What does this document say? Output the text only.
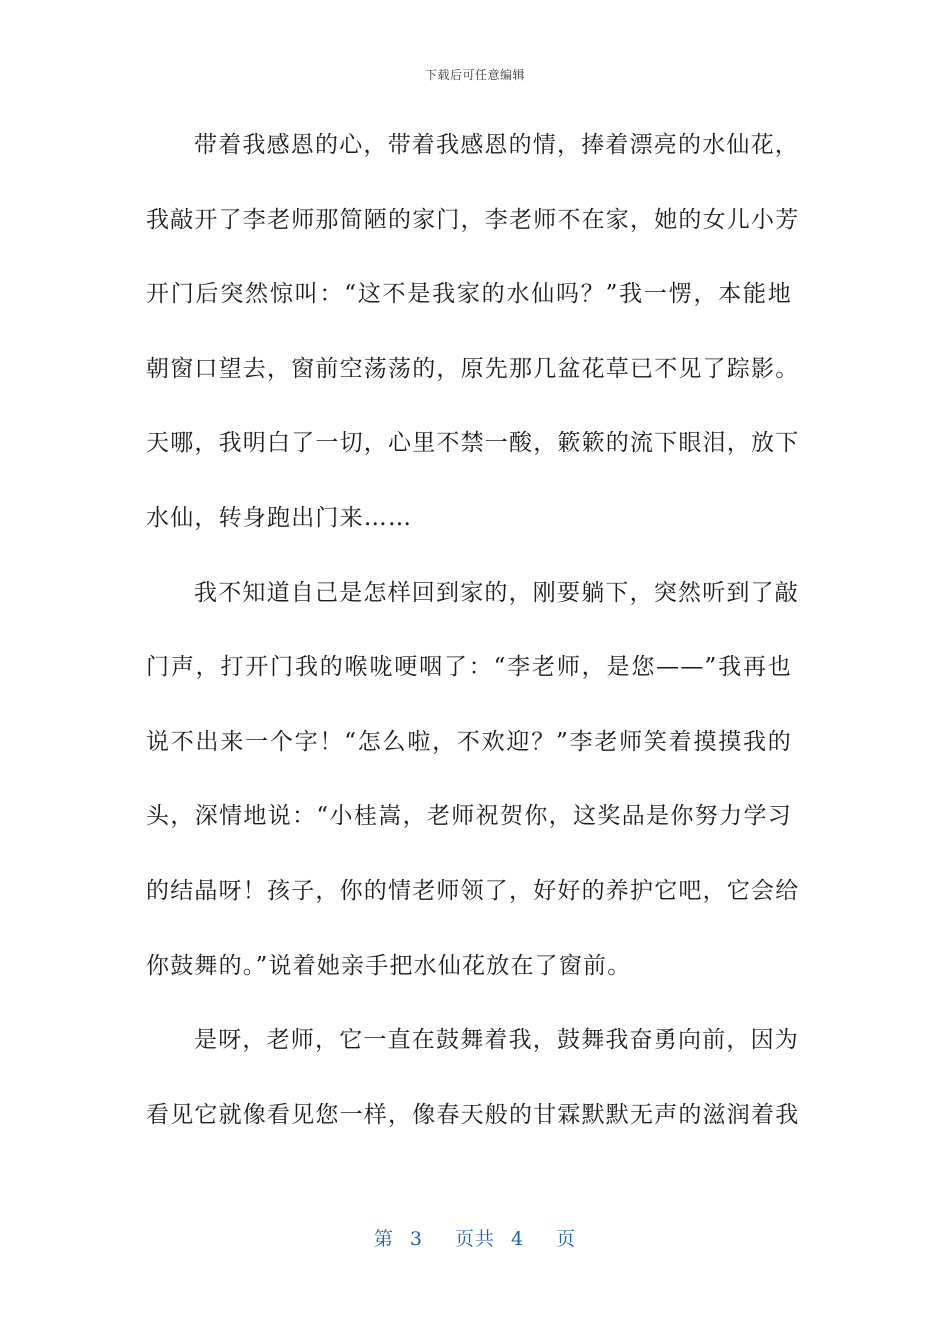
下载后可任意编辑
带着我感恩的心，带着我感恩的情，捧着漂亮的水仙花，
我敲开了李老师那简陋的家门，李老师不在家，她的女儿小芳
开门后突然惊叫：“这不是我家的水仙吗？”我一愣，本能地
朝窗口望去，窗前空荡荡的，原先那几盆花草已不见了踪影。
天哪，我明白了一切，心里不禁一酸，簌簌的流下眼泪，放下
水仙，转身跑出门来……
我不知道自己是怎样回到家的，刚要躺下，突然听到了敲
门声，打开门我的喉咙哽咽了：“李老师，是您——”我再也
说不出来一个字！“怎么啦，不欢迎？”李老师笑着摸摸我的
头，深情地说：“小桂嵩，老师祝贺你，这奖品是你努力学习
的结晶呀！孩子，你的情老师领了，好好的养护它吧，它会给
你鼓舞的。”说着她亲手把水仙花放在了窗前。
是呀，老师，它一直在鼓舞着我，鼓舞我奋勇向前，因为
看见它就像看见您一样，像春天般的甘霖默默无声的滋润着我
第 3 页共 4 页
